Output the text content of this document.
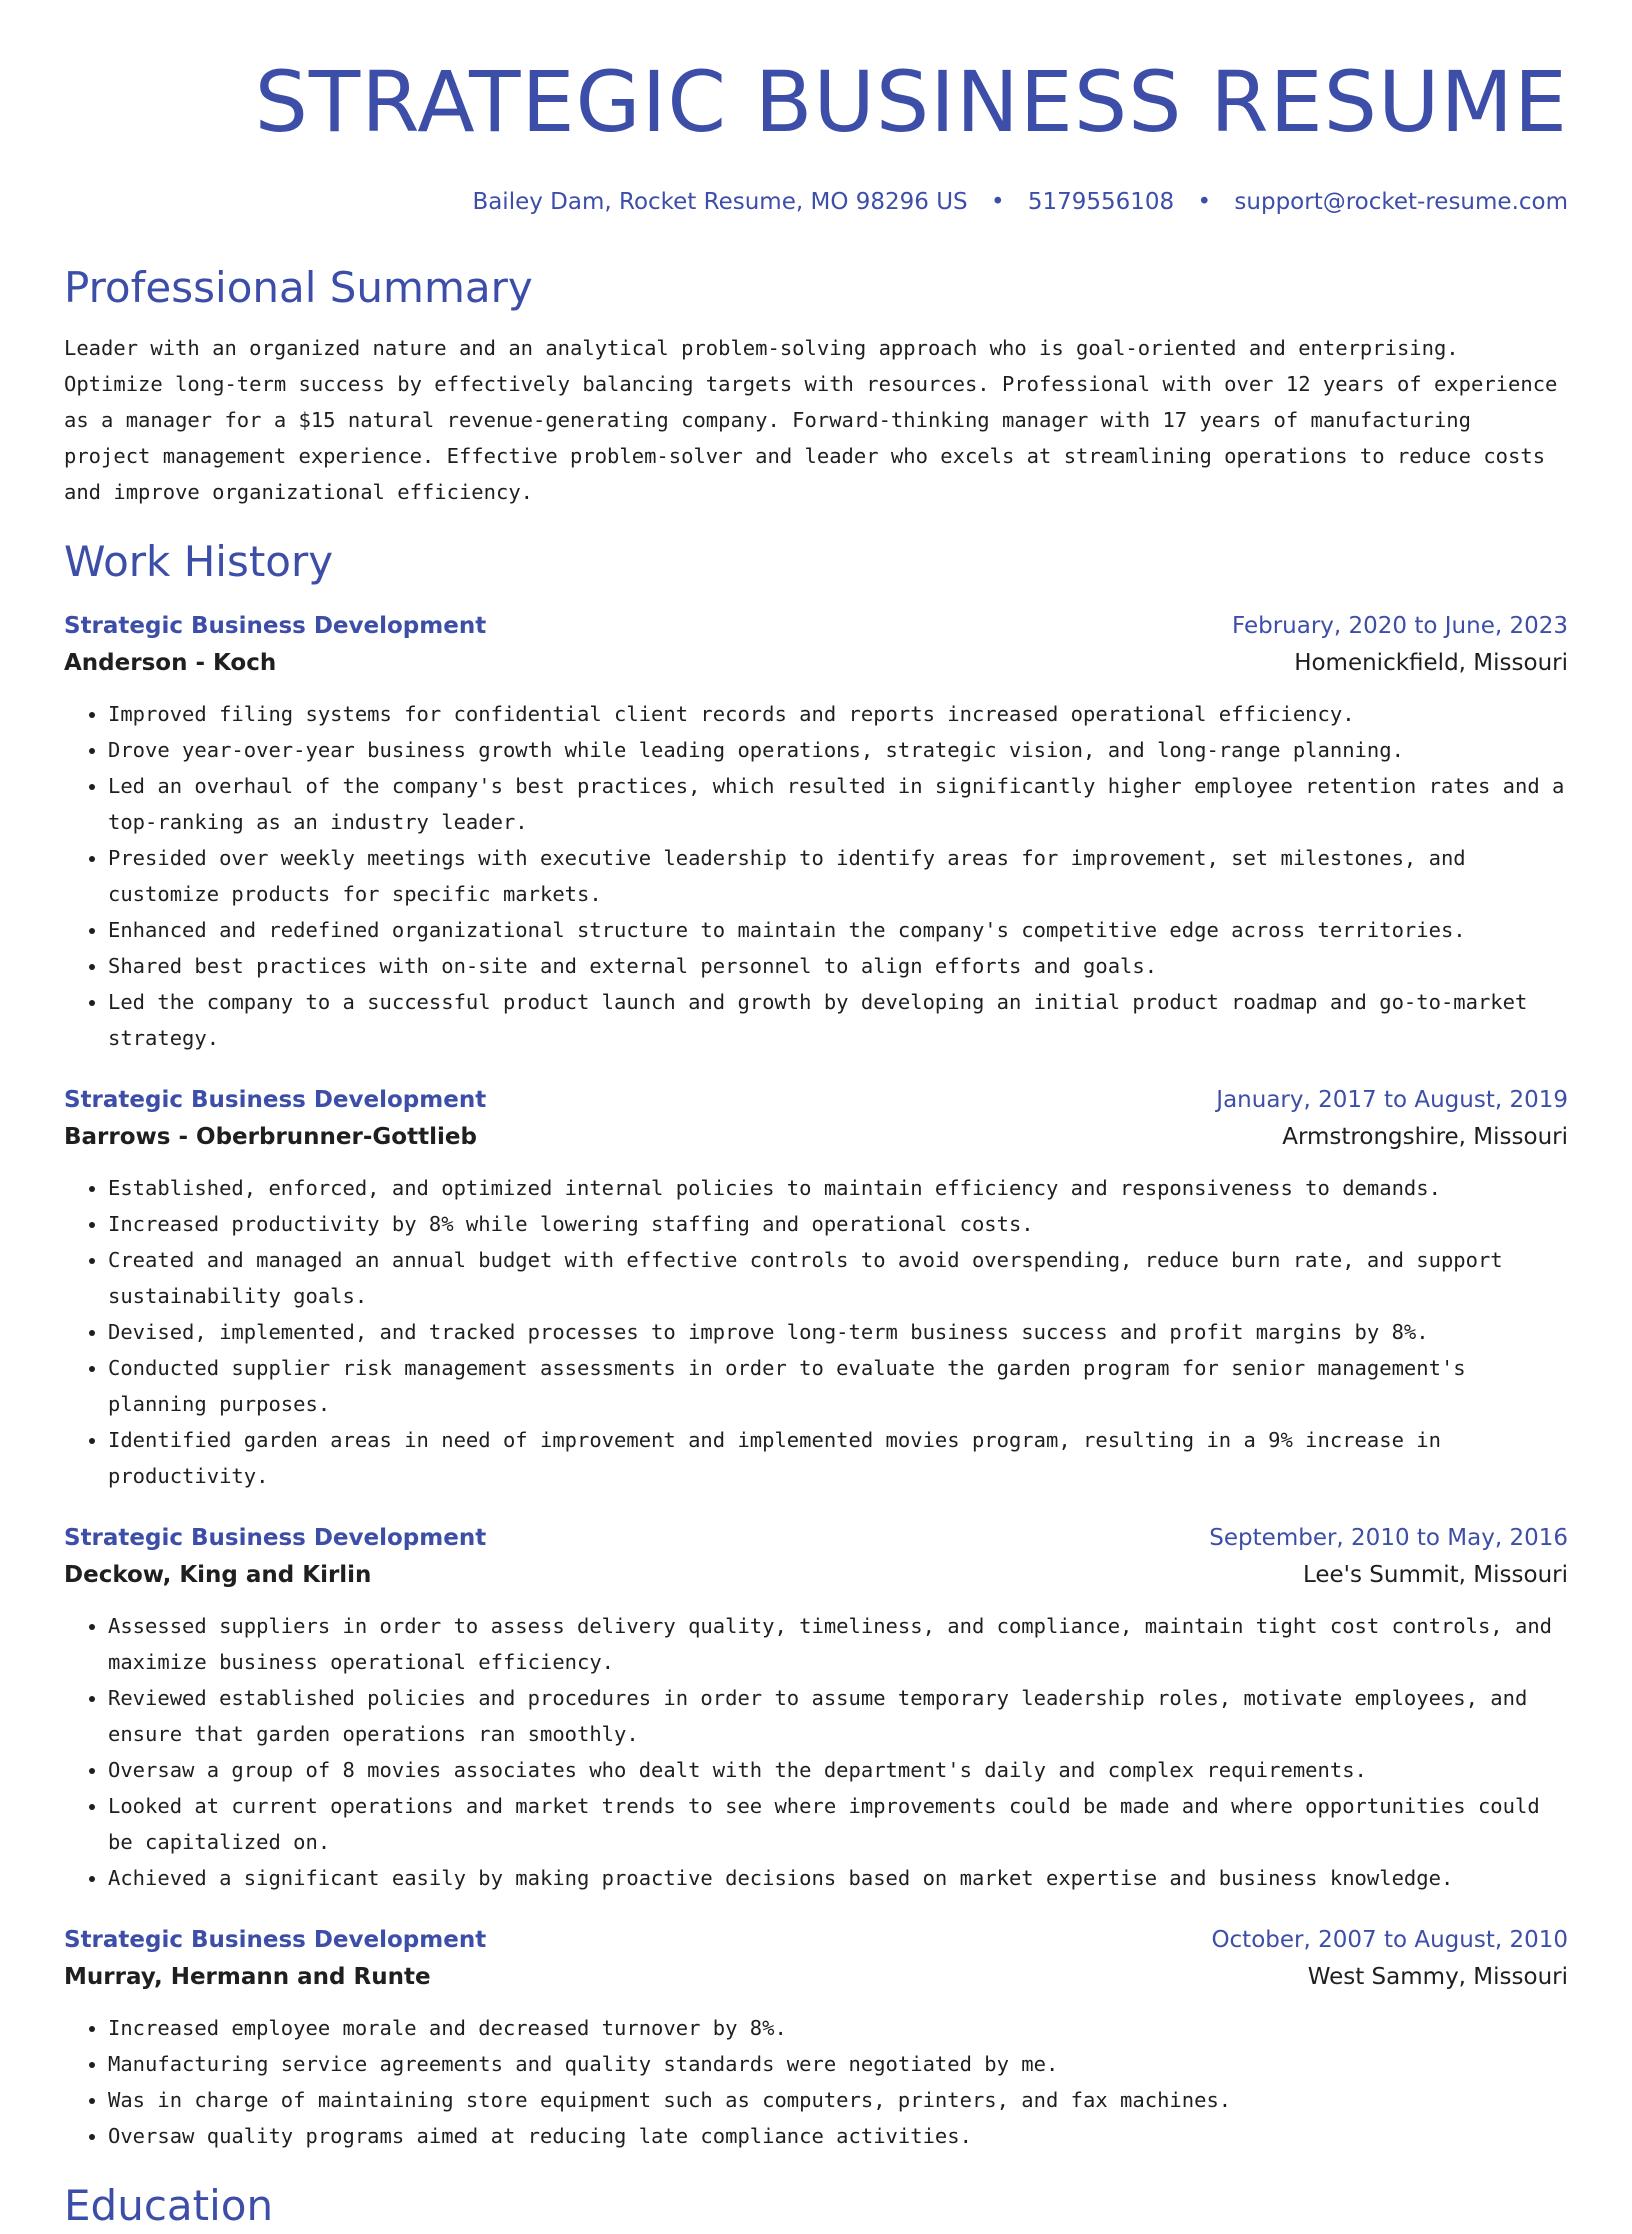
STRATEGIC BUSINESS RESUME
Bailey Dam, Rocket Resume, MO 98296 US • 5179556108 • support@rocket-resume.com
Professional Summary
Leader with an organized nature and an analytical problem-solving approach who is goal-oriented and enterprising. Optimize long-term success by effectively balancing targets with resources. Professional with over 12 years of experience as a manager for a $15 natural revenue-generating company. Forward-thinking manager with 17 years of manufacturing project management experience. Effective problem-solver and leader who excels at streamlining operations to reduce costs and improve organizational efficiency.
Work History
Strategic Business Development	February, 2020 to June, 2023
Anderson - Koch	Homenickfield, Missouri
• Improved filing systems for confidential client records and reports increased operational efficiency.
• Drove year-over-year business growth while leading operations, strategic vision, and long-range planning.
• Led an overhaul of the company's best practices, which resulted in significantly higher employee retention rates and a top-ranking as an industry leader.
• Presided over weekly meetings with executive leadership to identify areas for improvement, set milestones, and customize products for specific markets.
• Enhanced and redefined organizational structure to maintain the company's competitive edge across territories.
• Shared best practices with on-site and external personnel to align efforts and goals.
• Led the company to a successful product launch and growth by developing an initial product roadmap and go-to-market strategy.
Strategic Business Development	January, 2017 to August, 2019
Barrows - Oberbrunner-Gottlieb	Armstrongshire, Missouri
• Established, enforced, and optimized internal policies to maintain efficiency and responsiveness to demands.
• Increased productivity by 8% while lowering staffing and operational costs.
• Created and managed an annual budget with effective controls to avoid overspending, reduce burn rate, and support sustainability goals.
• Devised, implemented, and tracked processes to improve long-term business success and profit margins by 8%.
• Conducted supplier risk management assessments in order to evaluate the garden program for senior management's planning purposes.
• Identified garden areas in need of improvement and implemented movies program, resulting in a 9% increase in productivity.
Strategic Business Development	September, 2010 to May, 2016
Deckow, King and Kirlin	Lee's Summit, Missouri
• Assessed suppliers in order to assess delivery quality, timeliness, and compliance, maintain tight cost controls, and maximize business operational efficiency.
• Reviewed established policies and procedures in order to assume temporary leadership roles, motivate employees, and ensure that garden operations ran smoothly.
• Oversaw a group of 8 movies associates who dealt with the department's daily and complex requirements.
• Looked at current operations and market trends to see where improvements could be made and where opportunities could be capitalized on.
• Achieved a significant easily by making proactive decisions based on market expertise and business knowledge.
Strategic Business Development	October, 2007 to August, 2010
Murray, Hermann and Runte	West Sammy, Missouri
• Increased employee morale and decreased turnover by 8%.
• Manufacturing service agreements and quality standards were negotiated by me.
• Was in charge of maintaining store equipment such as computers, printers, and fax machines.
• Oversaw quality programs aimed at reducing late compliance activities.
Education
